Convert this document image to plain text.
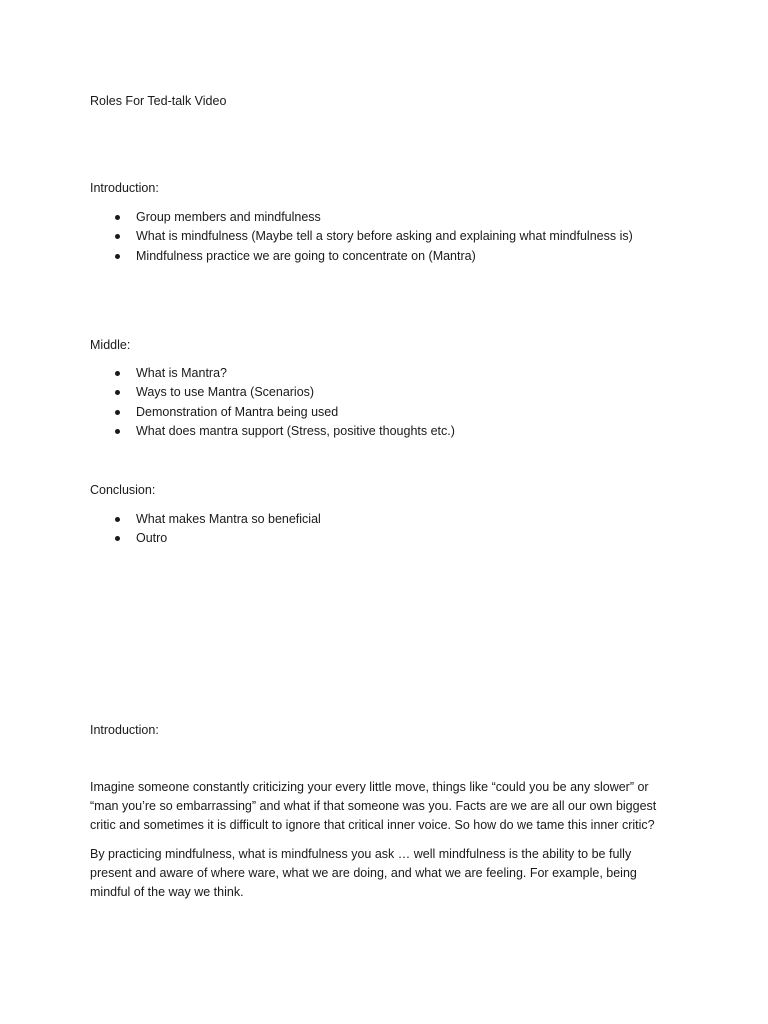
Roles For Ted-talk Video

Introduction:

Group members and mindfulness
What is mindfulness (Maybe tell a story before asking and explaining what mindfulness is)
Mindfulness practice we are going to concentrate on (Mantra)

Middle:

What is Mantra?
Ways to use Mantra (Scenarios)
Demonstration of Mantra being used
What does mantra support (Stress, positive thoughts etc.)

Conclusion:

What makes Mantra so beneficial
Outro

Introduction:

Imagine someone constantly criticizing your every little move, things like “could you be any slower” or
“man you’re so embarrassing” and what if that someone was you. Facts are we are all our own biggest
critic and sometimes it is difficult to ignore that critical inner voice. So how do we tame this inner critic?
By practicing mindfulness, what is mindfulness you ask … well mindfulness is the ability to be fully
present and aware of where ware, what we are doing, and what we are feeling. For example, being
mindful of the way we think.
